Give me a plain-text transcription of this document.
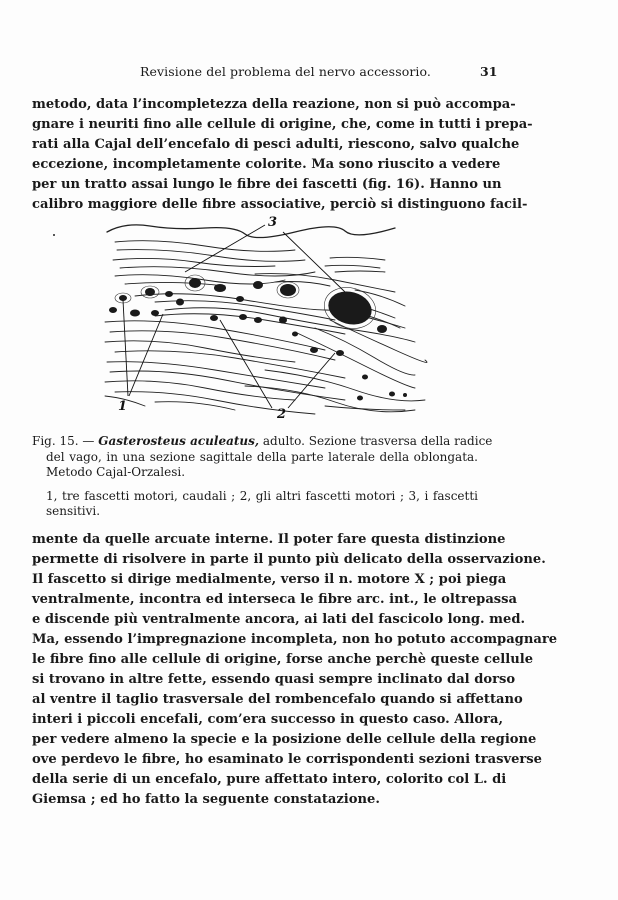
Revisione del problema del nervo accessorio.	31
metodo, data l’incompletezza della reazione, non si può accompa-
gnare i neuriti fino alle cellule di origine, che, come in tutti i prepa-
rati alla Cajal dell’encefalo di pesci adulti, riescono, salvo qualche
eccezione, incompletamente colorite. Ma sono riuscito a vedere
per un tratto assai lungo le fibre dei fascetti (fig. 16). Hanno un
calibro maggiore delle fibre associative, perciò si distinguono facil-
3
1
2
Fig. 15. — Gasterosteus aculeatus, adulto. Sezione trasversa della radice
del vago, in una sezione sagittale della parte laterale della oblongata.
Metodo Cajal-Orzalesi.
1, tre fascetti motori, caudali ; 2, gli altri fascetti motori ; 3, i fascetti
sensitivi.
mente da quelle arcuate interne. Il poter fare questa distinzione
permette di risolvere in parte il punto più delicato della osservazione.
Il fascetto si dirige medialmente, verso il n. motore X ; poi piega
ventralmente, incontra ed interseca le fibre arc. int., le oltrepassa
e discende più ventralmente ancora, ai lati del fascicolo long. med.
Ma, essendo l’impregnazione incompleta, non ho potuto accompagnare
le fibre fino alle cellule di origine, forse anche perchè queste cellule
si trovano in altre fette, essendo quasi sempre inclinato dal dorso
al ventre il taglio trasversale del rombencefalo quando si affettano
interi i piccoli encefali, com’era successo in questo caso. Allora,
per vedere almeno la specie e la posizione delle cellule della regione
ove perdevo le fibre, ho esaminato le corrispondenti sezioni trasverse
della serie di un encefalo, pure affettato intero, colorito col L. di
Giemsa ; ed ho fatto la seguente constatazione.
